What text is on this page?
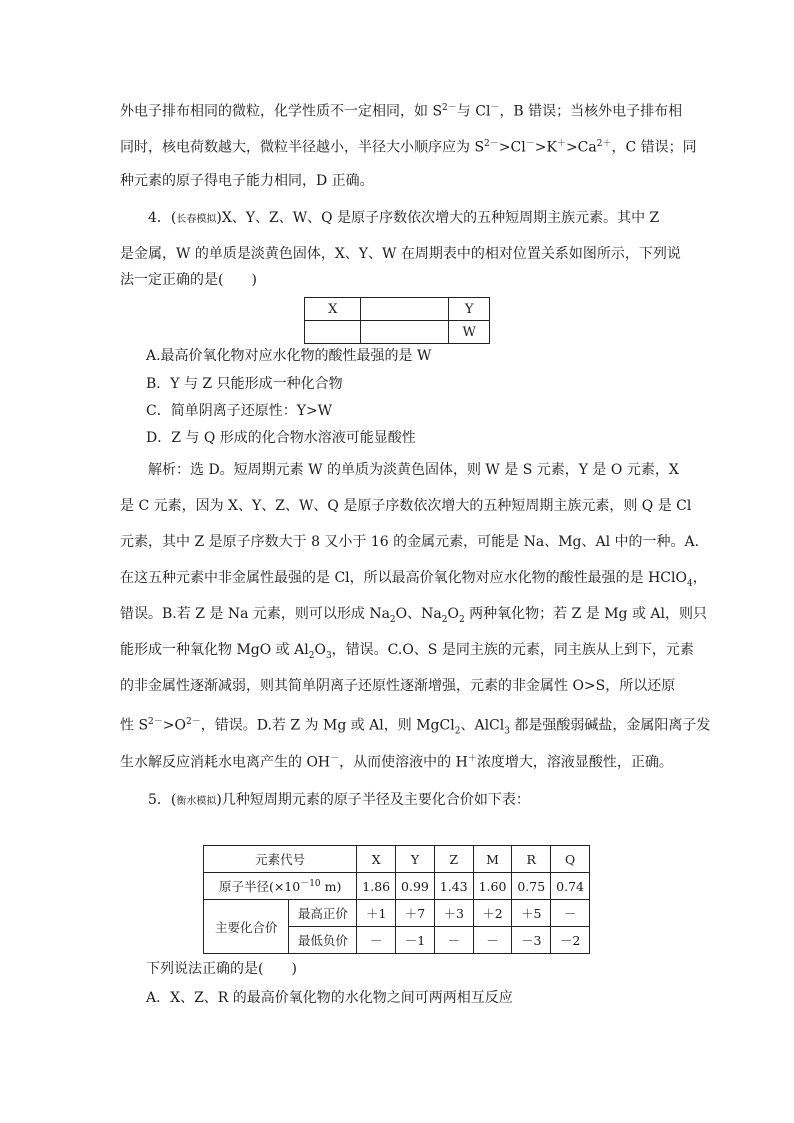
外电子排布相同的微粒，化学性质不一定相同，如 $S^{2-}$与 Cl－，B 错误；当核外电子排布相
同时，核电荷数越大，微粒半径越小，半径大小顺序应为 $S^{2-}>Cl^->K^+>Ca^{2+}$，C 错误；同
种元素的原子得电子能力相同，D 正确。
4．(长春模拟)X、Y、Z、W、Q 是原子序数依次增大的五种短周期主族元素。其中 Z
是金属，W 的单质是淡黄色固体，X、Y、W 在周期表中的相对位置关系如图所示，下列说
法一定正确的是(　　)
X		Y
		W
A.最高价氧化物对应水化物的酸性最强的是 W
B．Y 与 Z 只能形成一种化合物
C．简单阴离子还原性：Y>W
D．Z 与 Q 形成的化合物水溶液可能显酸性
解析：选 D。短周期元素 W 的单质为淡黄色固体，则 W 是 S 元素，Y 是 O 元素，X
是 C 元素，因为 X、Y、Z、W、Q 是原子序数依次增大的五种短周期主族元素，则 Q 是 Cl
元素，其中 Z 是原子序数大于 8 又小于 16 的金属元素，可能是 Na、Mg、Al 中的一种。A.
在这五种元素中非金属性最强的是 Cl，所以最高价氧化物对应水化物的酸性最强的是 HClO$_4$，
错误。B.若 Z 是 Na 元素，则可以形成 $Na_2O$、$Na_2O_2$ 两种氧化物；若 Z 是 Mg 或 Al，则只
能形成一种氧化物 MgO 或 $Al_2O_3$，错误。C.O、S 是同主族的元素，同主族从上到下，元素
的非金属性逐渐减弱，则其简单阴离子还原性逐渐增强，元素的非金属性 O>S，所以还原
性 $S^{2-}>O^{2-}$，错误。D.若 Z 为 Mg 或 Al，则 MgCl$_2$、AlCl$_3$ 都是强酸弱碱盐，金属阳离子发
生水解反应消耗水电离产生的 OH－，从而使溶液中的 H＋浓度增大，溶液显酸性，正确。
5．(衡水模拟)几种短周期元素的原子半径及主要化合价如下表：
元素代号		X	Y	Z	M	R	Q
原子半径($\times 10^{-10}$ m)		1.86	0.99	1.43	1.60	0.75	0.74
主要化合价	最高正价	＋1	＋7	＋3	＋2	＋5	－
	最低负价	－	－1	－	－	－3	－2
下列说法正确的是(　　)
A．X、Z、R 的最高价氧化物的水化物之间可两两相互反应
